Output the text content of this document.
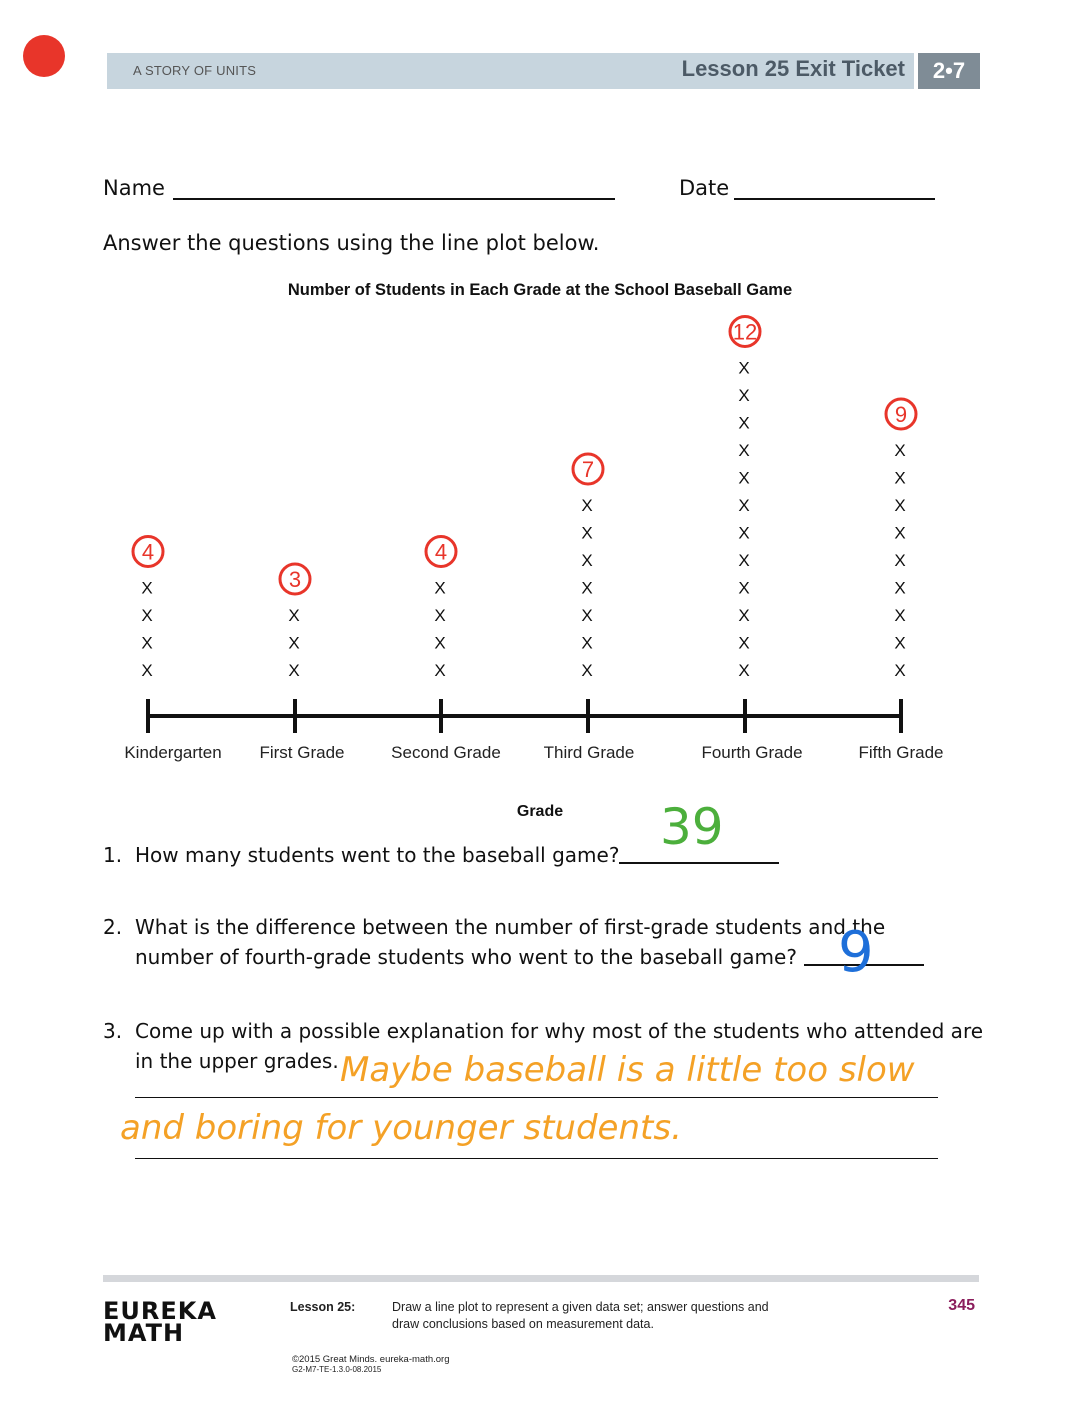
A STORY OF UNITS	Lesson 25 Exit Ticket	2•7
Name	Date
Answer the questions using the line plot below.
Number of Students in Each Grade at the School Baseball Game
Kindergarten First Grade	Second Grade	Third Grade	Fourth Grade	Fifth Grade
Grade
X
X
X
X
4
X
X
X
3
X
X
X
X
4
X
X
X
X
X
X
X
7
X
X
X
X
X
X
X
X
X
X
X
X
12
X
X
X
X
X
X
X
X
X
9
1. How many students went to the baseball game? 39
2. What is the difference between the number of first-grade students and the
number of fourth-grade students who went to the baseball game? 9
3. Come up with a possible explanation for why most of the students who attended are
in the upper grades. Maybe baseball is a little too slow
and boring for younger students.
EUREKA
MATH
Lesson 25:	Draw a line plot to represent a given data set; answer questions and
draw conclusions based on measurement data.
©2015 Great Minds. eureka-math.org
G2-M7-TE-1.3.0-08.2015
345
